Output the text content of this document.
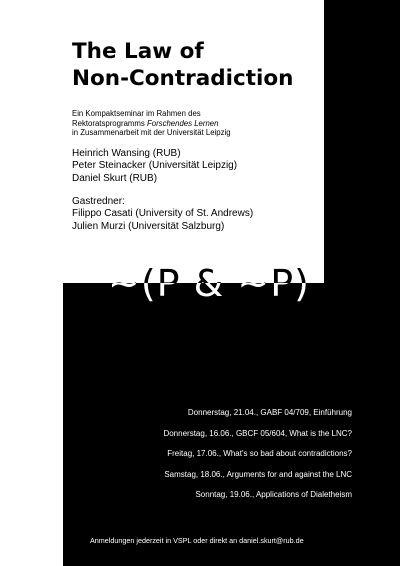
The Law of
Non-Contradiction
Ein Kompaktseminar im Rahmen des
Rektoratsprogramms Forschendes Lernen
in Zusammenarbeit mit der Universität Leipzig
Heinrich Wansing (RUB)
Peter Steinacker (Universität Leipzig)
Daniel Skurt (RUB)
Gastredner:
Filippo Casati (University of St. Andrews)
Julien Murzi (Universität Salzburg)
~(P & ~P)
Donnerstag, 21.04., GABF 04/709, Einführung
Donnerstag, 16.06., GBCF 05/604, What is the LNC?
Freitag, 17.06., What's so bad about contradictions?
Samstag, 18.06., Arguments for and against the LNC
Sonntag, 19.06., Applications of Dialetheism
Anmeldungen jederzeit in VSPL oder direkt an daniel.skurt@rub.de
